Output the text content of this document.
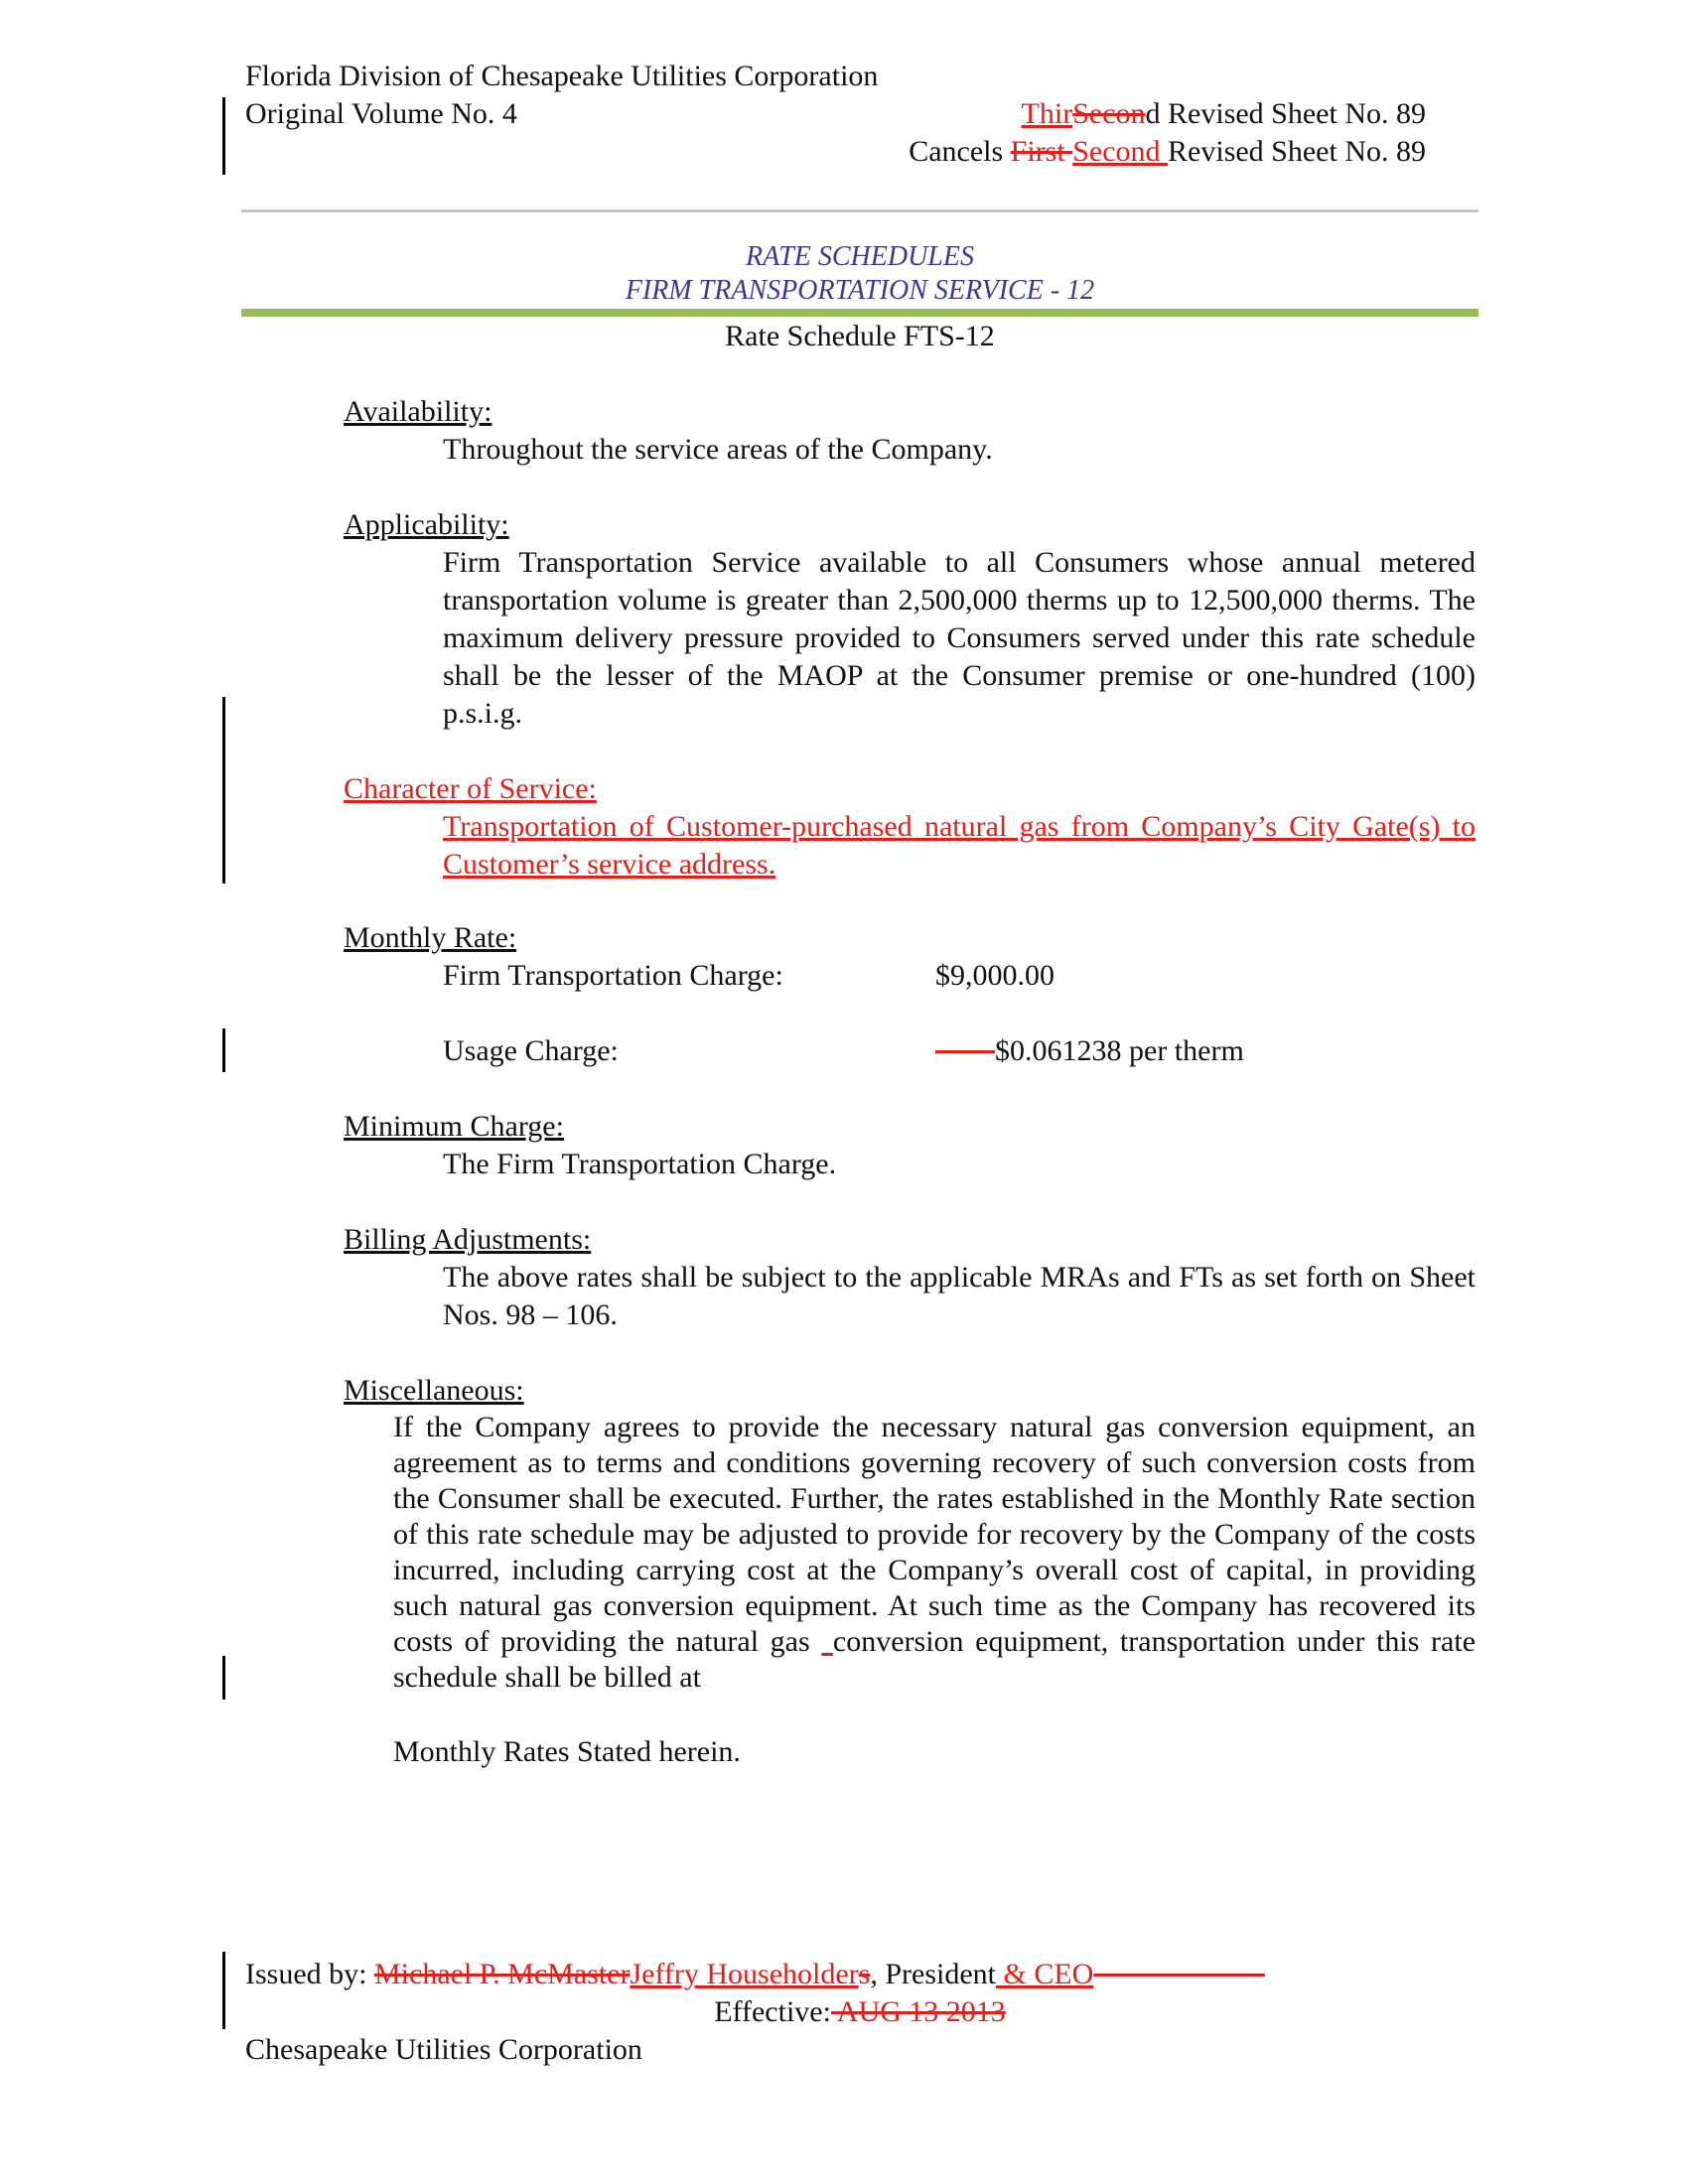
Florida Division of Chesapeake Utilities Corporation
Original Volume No. 4	ThirSecond Revised Sheet No. 89
Cancels First Second Revised Sheet No. 89
RATE SCHEDULES
FIRM TRANSPORTATION SERVICE - 12
Rate Schedule FTS-12
Availability:
Throughout the service areas of the Company.
Applicability:
Firm Transportation Service available to all Consumers whose annual metered transportation volume is greater than 2,500,000 therms up to 12,500,000 therms. The maximum delivery pressure provided to Consumers served under this rate schedule shall be the lesser of the MAOP at the Consumer premise or one-hundred (100) p.s.i.g.
Character of Service:
Transportation of Customer-purchased natural gas from Company’s City Gate(s) to Customer’s service address.
Monthly Rate:
Firm Transportation Charge:	$9,000.00
Usage Charge:	$0.061238 per therm
Minimum Charge:
The Firm Transportation Charge.
Billing Adjustments:
The above rates shall be subject to the applicable MRAs and FTs as set forth on Sheet Nos. 98 – 106.
Miscellaneous:
If the Company agrees to provide the necessary natural gas conversion equipment, an agreement as to terms and conditions governing recovery of such conversion costs from the Consumer shall be executed. Further, the rates established in the Monthly Rate section of this rate schedule may be adjusted to provide for recovery by the Company of the costs incurred, including carrying cost at the Company’s overall cost of capital, in providing such natural gas conversion equipment. At such time as the Company has recovered its costs of providing the natural gas  conversion equipment, transportation under this rate schedule shall be billed at
Monthly Rates Stated herein.
Issued by: Michael P. McMasterJeffry Householders, President & CEO
Effective: AUG 13 2013
Chesapeake Utilities Corporation
